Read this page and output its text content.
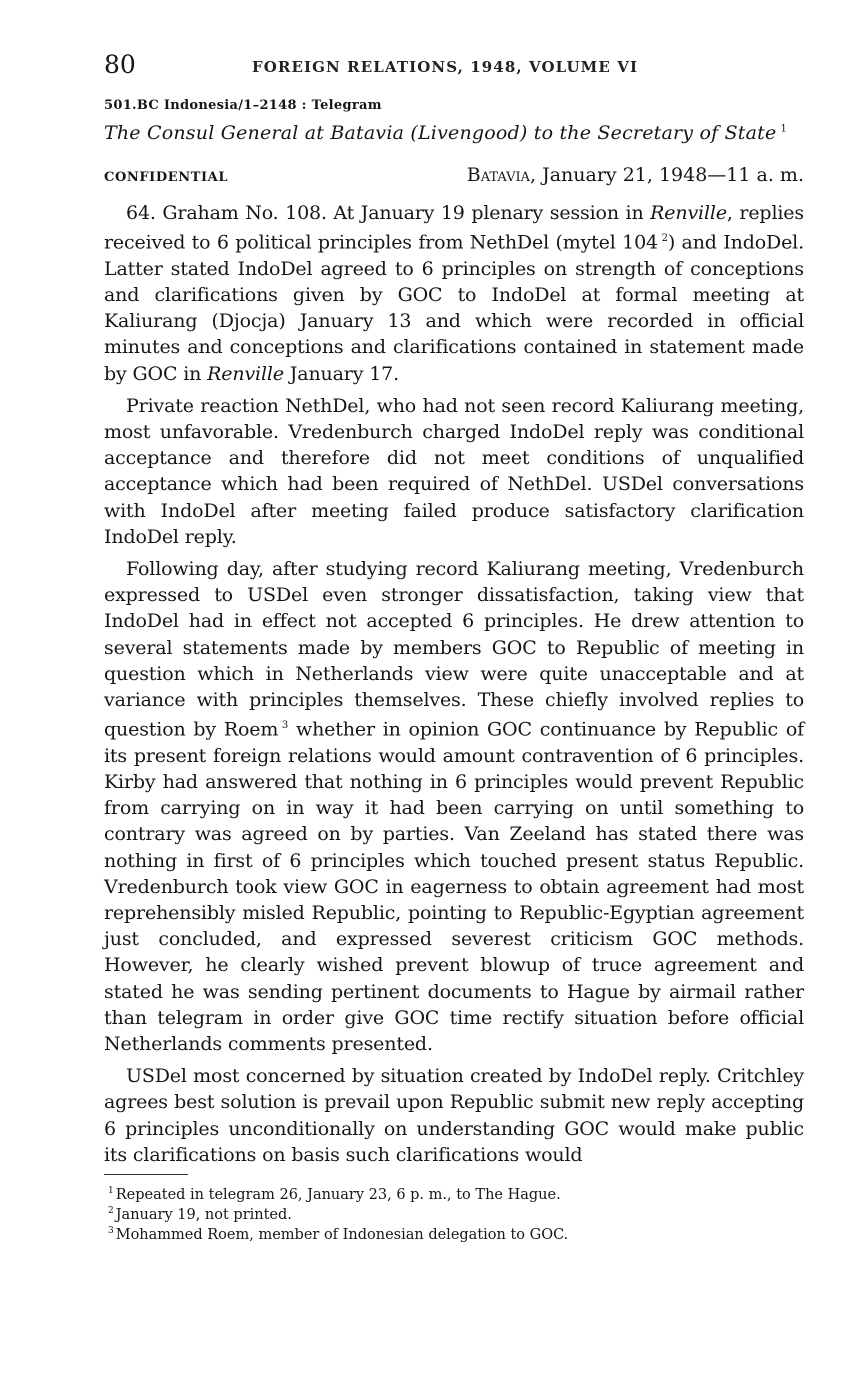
80	FOREIGN RELATIONS, 1948, VOLUME VI
501.BC Indonesia/1–2148 : Telegram
The Consul General at Batavia (Livengood) to the Secretary of State  $^1$
CONFIDENTIAL	Batavia, January 21, 1948—11 a. m.

64. Graham No. 108. At January 19 plenary session in Renville, replies received to 6 political principles from NethDel (mytel 104  $^2$) and IndoDel. Latter stated IndoDel agreed to 6 principles on strength of conceptions and clarifications given by GOC to IndoDel at formal meeting at Kaliurang (Djocja) January 13 and which were recorded in official minutes and conceptions and clarifications contained in statement made by GOC in Renville January 17.

Private reaction NethDel, who had not seen record Kaliurang meeting, most unfavorable. Vredenburch charged IndoDel reply was conditional acceptance and therefore did not meet conditions of unqualified acceptance which had been required of NethDel. USDel conversations with IndoDel after meeting failed produce satisfactory clarification IndoDel reply.

Following day, after studying record Kaliurang meeting, Vredenburch expressed to USDel even stronger dissatisfaction, taking view that IndoDel had in effect not accepted 6 principles. He drew attention to several statements made by members GOC to Republic of meeting in question which in Netherlands view were quite unacceptable and at variance with principles themselves. These chiefly involved replies to question by Roem  $^3$ whether in opinion GOC continuance by Republic of its present foreign relations would amount contravention of 6 principles. Kirby had answered that nothing in 6 principles would prevent Republic from carrying on in way it had been carrying on until something to contrary was agreed on by parties. Van Zeeland has stated there was nothing in first of 6 principles which touched present status Republic. Vredenburch took view GOC in eagerness to obtain agreement had most reprehensibly misled Republic, pointing to Republic-Egyptian agreement just concluded, and expressed severest criticism GOC methods. However, he clearly wished prevent blowup of truce agreement and stated he was sending pertinent documents to Hague by airmail rather than telegram in order give GOC time rectify situation before official Netherlands comments presented.

USDel most concerned by situation created by IndoDel reply. Critchley agrees best solution is prevail upon Republic submit new reply accepting 6 principles unconditionally on understanding GOC would make public its clarifications on basis such clarifications would

$^1$ Repeated in telegram 26, January 23, 6 p. m., to The Hague.

$^2$ January 19, not printed.

$^3$ Mohammed Roem, member of Indonesian delegation to GOC.
